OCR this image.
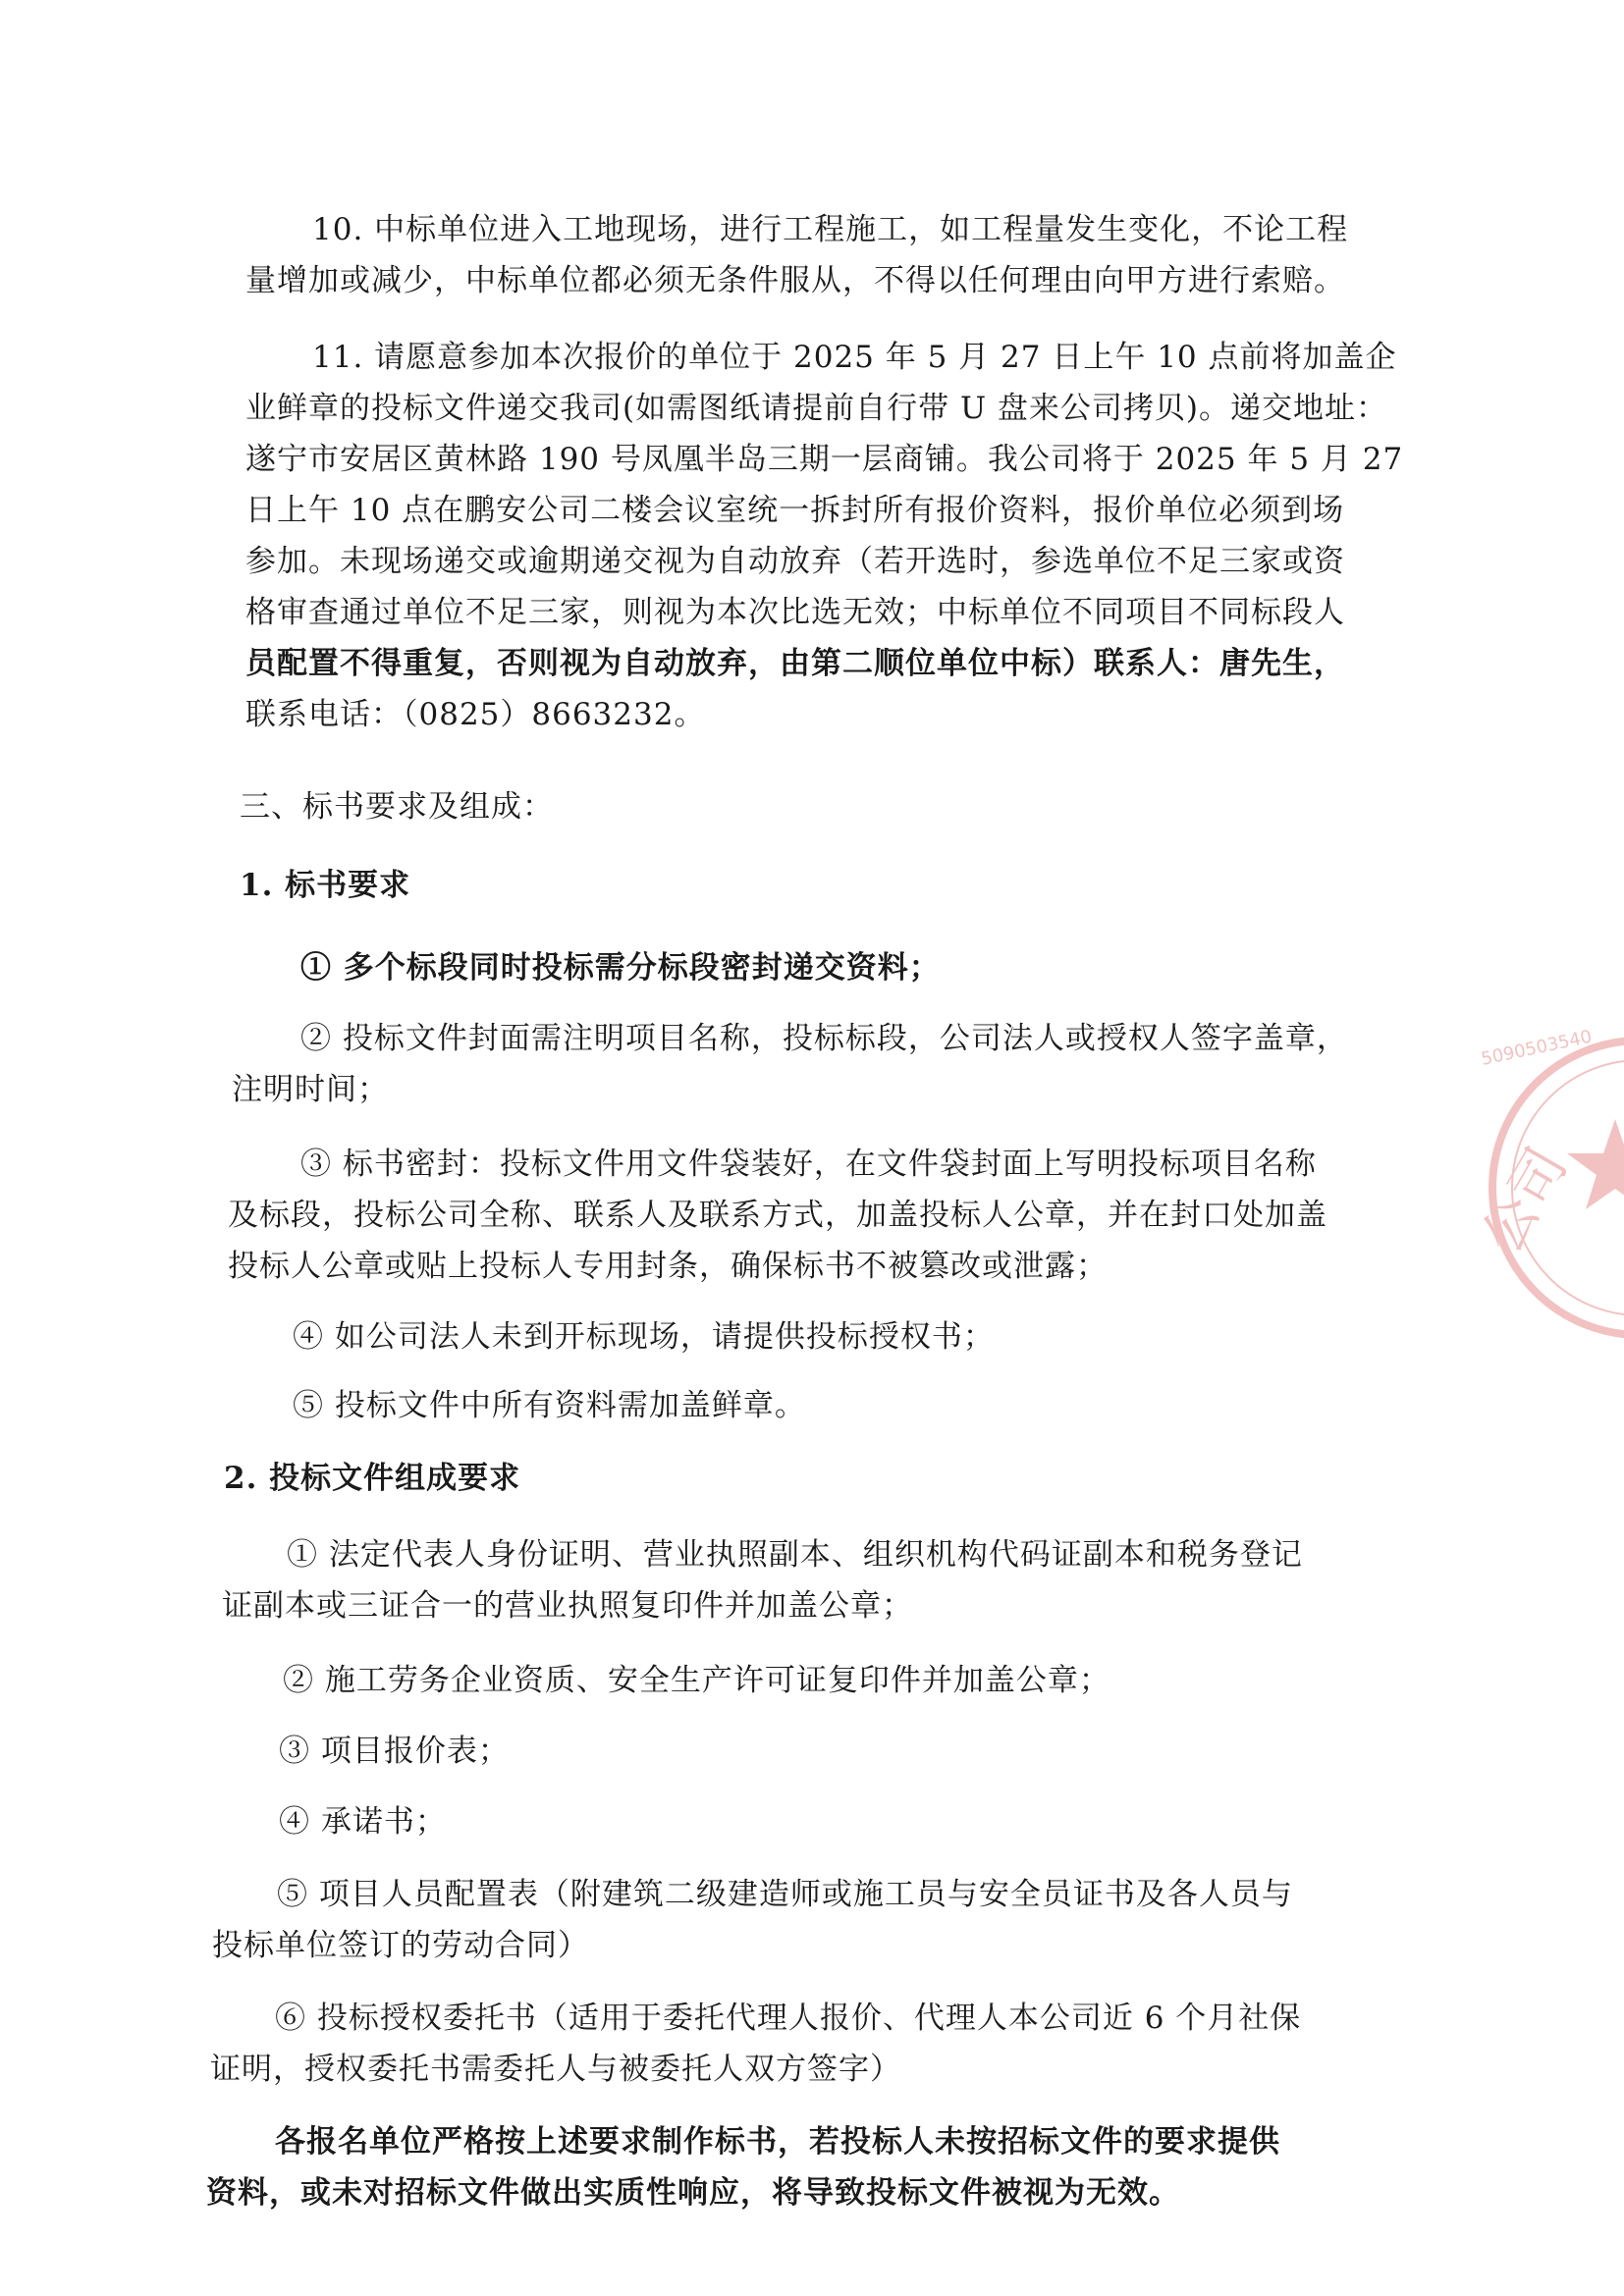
10. 中标单位进入工地现场，进行工程施工，如工程量发生变化，不论工程

量增加或减少，中标单位都必须无条件服从，不得以任何理由向甲方进行索赔。

11. 请愿意参加本次报价的单位于 2025 年 5 月 27 日上午 10 点前将加盖企

业鲜章的投标文件递交我司(如需图纸请提前自行带 U 盘来公司拷贝)。递交地址：

遂宁市安居区黄林路 190 号凤凰半岛三期一层商铺。我公司将于 2025 年 5 月 27

日上午 10 点在鹏安公司二楼会议室统一拆封所有报价资料，报价单位必须到场

参加。未现场递交或逾期递交视为自动放弃（若开选时，参选单位不足三家或资

格审查通过单位不足三家，则视为本次比选无效；中标单位不同项目不同标段人

员配置不得重复，否则视为自动放弃，由第二顺位单位中标）联系人：唐先生，

联系电话：（0825）8663232。

三、标书要求及组成：

1. 标书要求

① 多个标段同时投标需分标段密封递交资料；

② 投标文件封面需注明项目名称，投标标段，公司法人或授权人签字盖章，

注明时间；

③ 标书密封：投标文件用文件袋装好，在文件袋封面上写明投标项目名称

及标段，投标公司全称、联系人及联系方式，加盖投标人公章，并在封口处加盖

投标人公章或贴上投标人专用封条，确保标书不被篡改或泄露；

④ 如公司法人未到开标现场，请提供投标授权书；

⑤ 投标文件中所有资料需加盖鲜章。

2. 投标文件组成要求

① 法定代表人身份证明、营业执照副本、组织机构代码证副本和税务登记

证副本或三证合一的营业执照复印件并加盖公章；

② 施工劳务企业资质、安全生产许可证复印件并加盖公章；

③ 项目报价表；

④ 承诺书；

⑤ 项目人员配置表（附建筑二级建造师或施工员与安全员证书及各人员与

投标单位签订的劳动合同）

⑥ 投标授权委托书（适用于委托代理人报价、代理人本公司近 6 个月社保

证明，授权委托书需委托人与被委托人双方签字）

各报名单位严格按上述要求制作标书，若投标人未按招标文件的要求提供

资料，或未对招标文件做出实质性响应，将导致投标文件被视为无效。

5090503540
公司
